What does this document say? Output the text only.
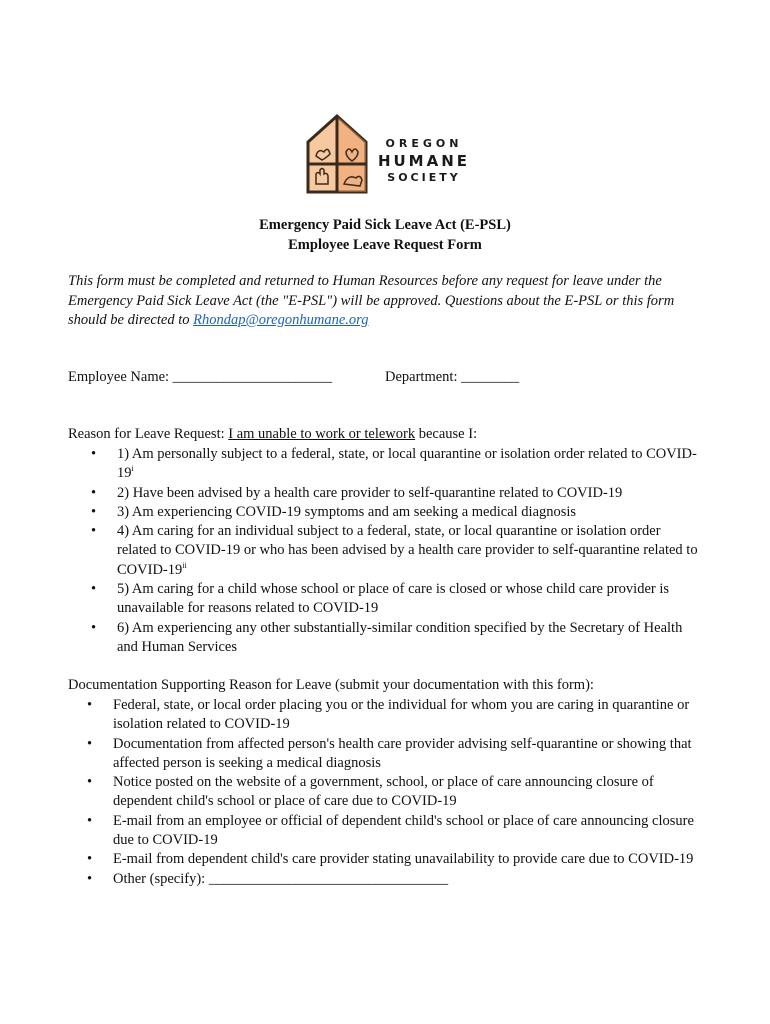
OREGON
HUMANE
SOCIETY
Emergency Paid Sick Leave Act (E-PSL)
Employee Leave Request Form
This form must be completed and returned to Human Resources before any request for leave under the Emergency Paid Sick Leave Act (the "E-PSL") will be approved. Questions about the E-PSL or this form should be directed to Rhondap@oregonhumane.org
Employee Name: ______________________	Department: ________
Reason for Leave Request: I am unable to work or telework because I:
• 1) Am personally subject to a federal, state, or local quarantine or isolation order related to COVID-19$^i$
• 2) Have been advised by a health care provider to self-quarantine related to COVID-19
• 3) Am experiencing COVID-19 symptoms and am seeking a medical diagnosis
• 4) Am caring for an individual subject to a federal, state, or local quarantine or isolation order related to COVID-19 or who has been advised by a health care provider to self-quarantine related to COVID-19$^{ii}$
• 5) Am caring for a child whose school or place of care is closed or whose child care provider is unavailable for reasons related to COVID-19
• 6) Am experiencing any other substantially-similar condition specified by the Secretary of Health and Human Services
Documentation Supporting Reason for Leave (submit your documentation with this form):
• Federal, state, or local order placing you or the individual for whom you are caring in quarantine or isolation related to COVID-19
• Documentation from affected person's health care provider advising self-quarantine or showing that affected person is seeking a medical diagnosis
• Notice posted on the website of a government, school, or place of care announcing closure of dependent child's school or place of care due to COVID-19
• E-mail from an employee or official of dependent child's school or place of care announcing closure due to COVID-19
• E-mail from dependent child's care provider stating unavailability to provide care due to COVID-19
• Other (specify): _________________________________
